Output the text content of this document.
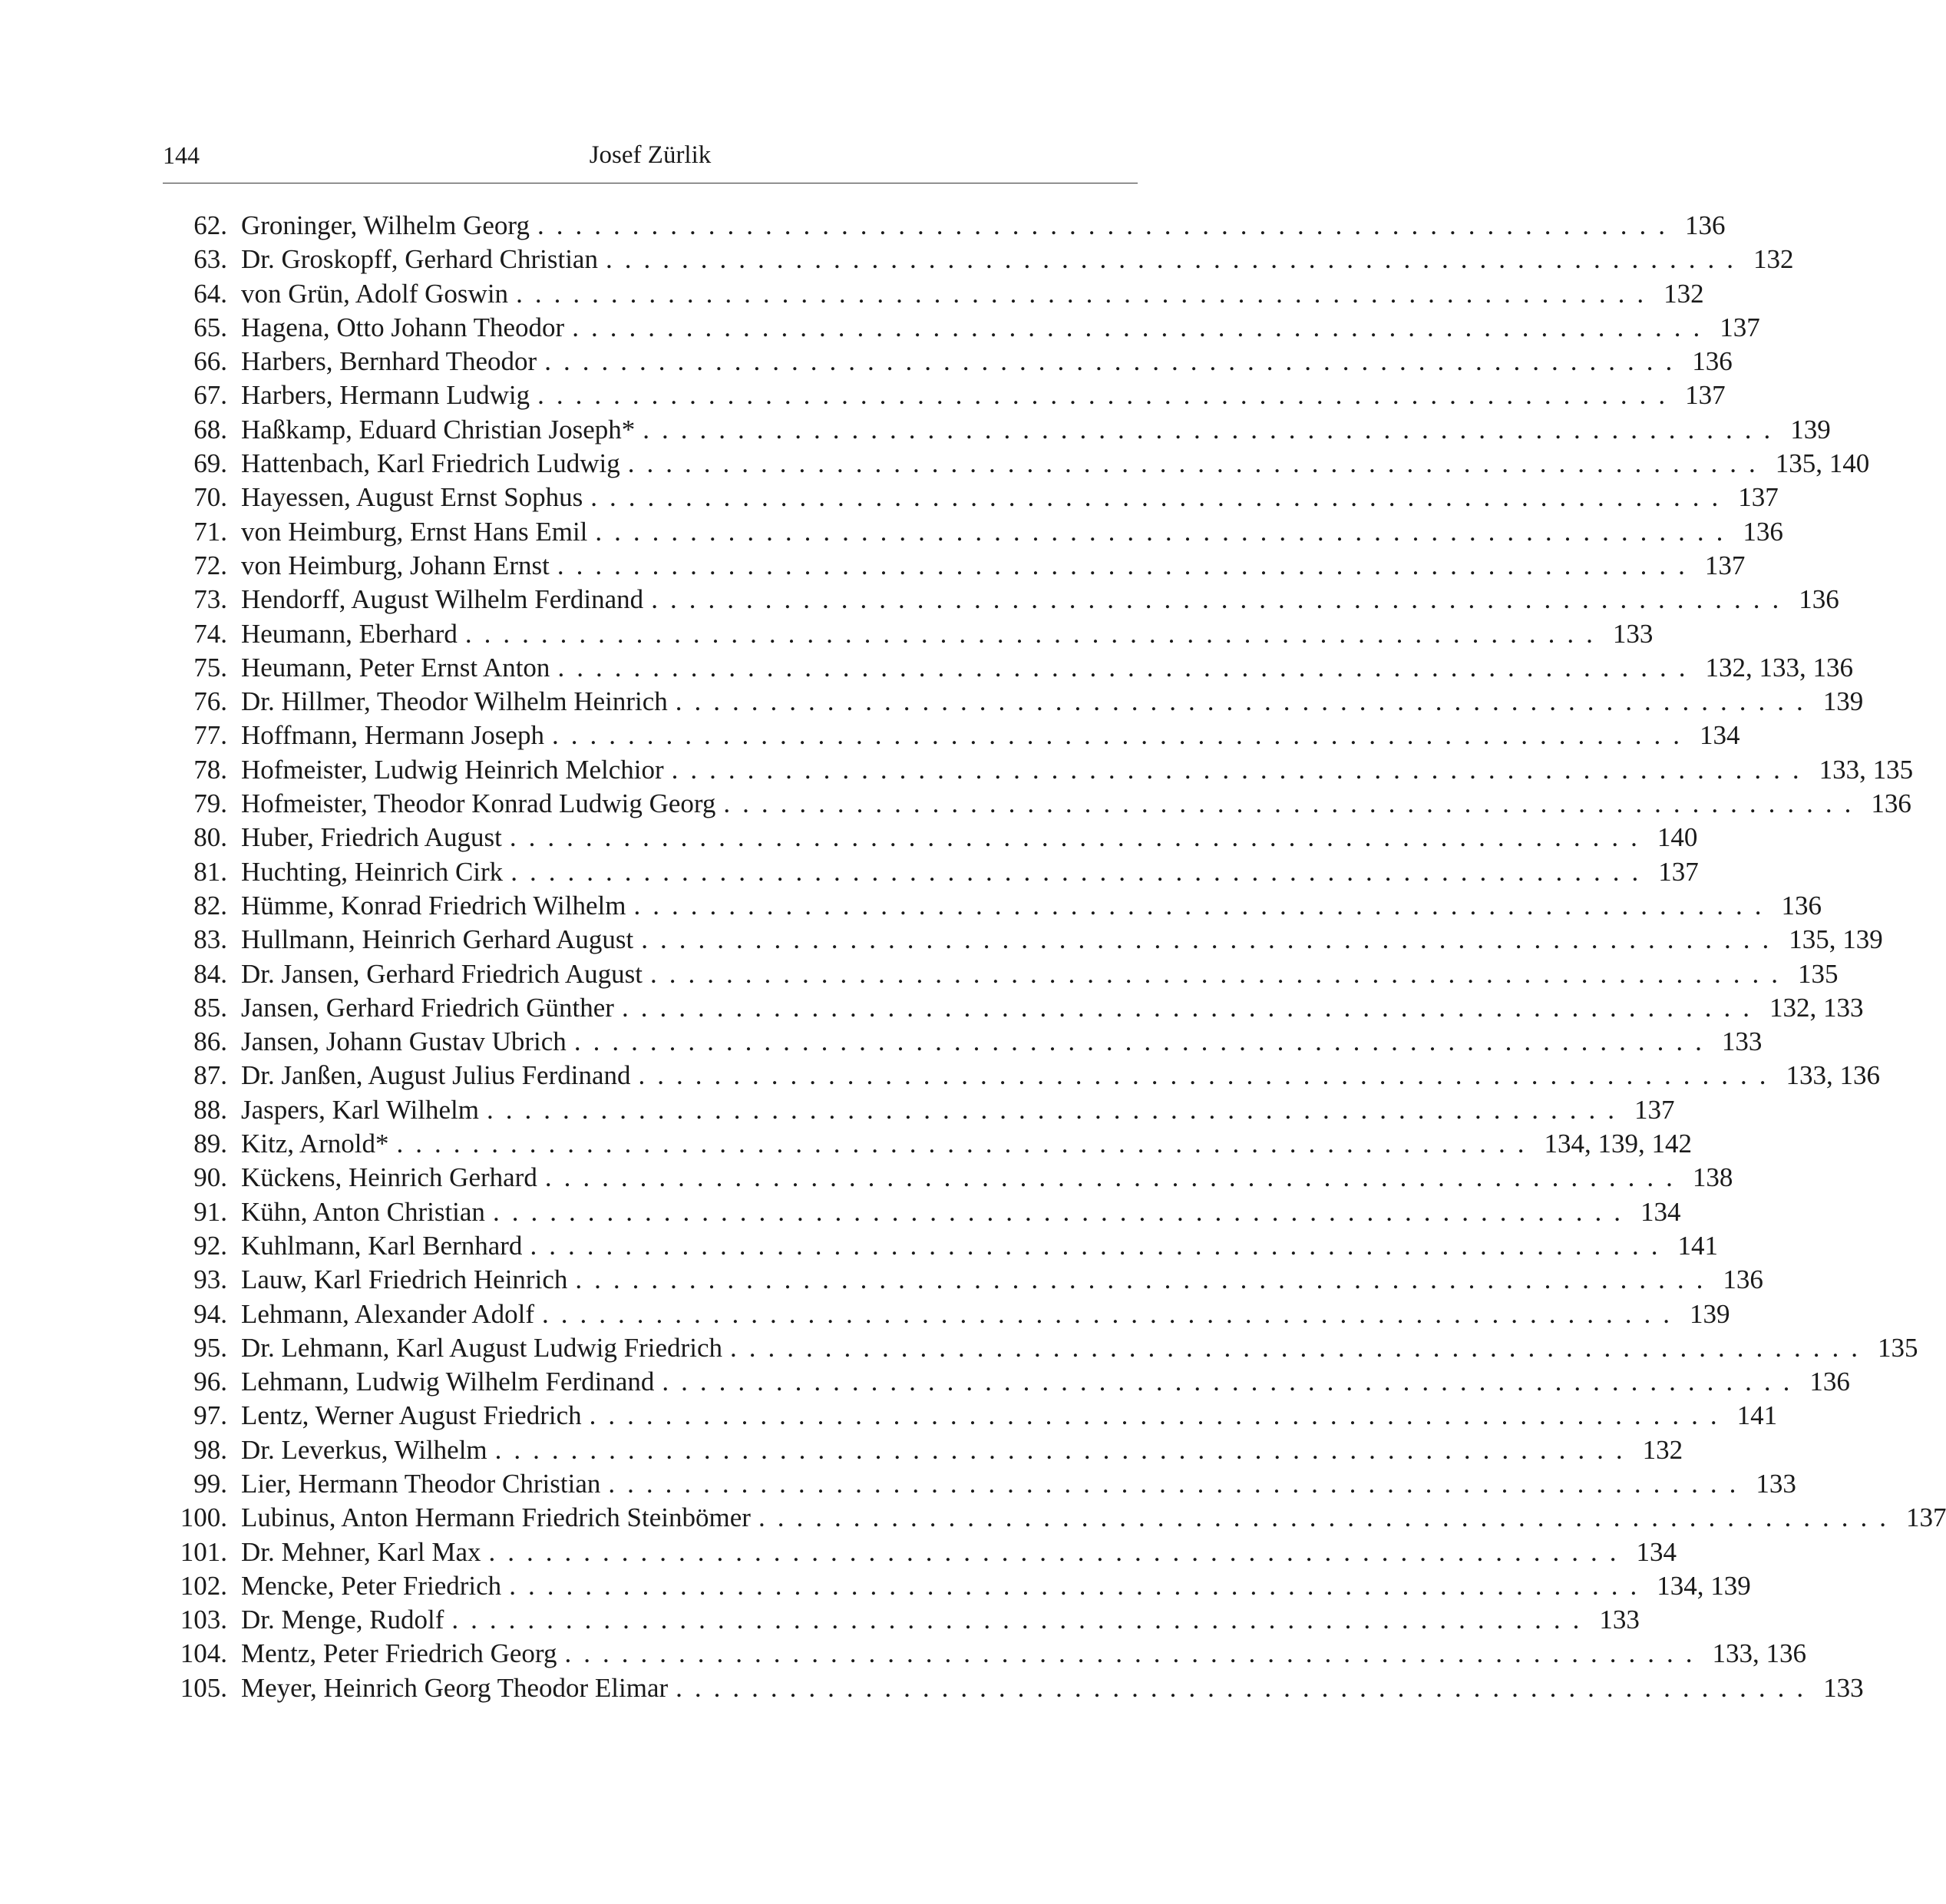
144	Josef Zürlik
62. Groninger, Wilhelm Georg ............................................................ 136
63. Dr. Groskopff, Gerhard Christian ............................................................ 132
64. von Grün, Adolf Goswin ............................................................ 132
65. Hagena, Otto Johann Theodor ............................................................ 137
66. Harbers, Bernhard Theodor ............................................................ 136
67. Harbers, Hermann Ludwig ............................................................ 137
68. Haßkamp, Eduard Christian Joseph* ............................................................ 139
69. Hattenbach, Karl Friedrich Ludwig ............................................................ 135, 140
70. Hayessen, August Ernst Sophus ............................................................ 137
71. von Heimburg, Ernst Hans Emil ............................................................ 136
72. von Heimburg, Johann Ernst ............................................................ 137
73. Hendorff, August Wilhelm Ferdinand ............................................................ 136
74. Heumann, Eberhard ............................................................ 133
75. Heumann, Peter Ernst Anton ............................................................ 132, 133, 136
76. Dr. Hillmer, Theodor Wilhelm Heinrich ............................................................ 139
77. Hoffmann, Hermann Joseph ............................................................ 134
78. Hofmeister, Ludwig Heinrich Melchior ............................................................ 133, 135
79. Hofmeister, Theodor Konrad Ludwig Georg ............................................................ 136
80. Huber, Friedrich August ............................................................ 140
81. Huchting, Heinrich Cirk ............................................................ 137
82. Hümme, Konrad Friedrich Wilhelm ............................................................ 136
83. Hullmann, Heinrich Gerhard August ............................................................ 135, 139
84. Dr. Jansen, Gerhard Friedrich August ............................................................ 135
85. Jansen, Gerhard Friedrich Günther ............................................................ 132, 133
86. Jansen, Johann Gustav Ubrich ............................................................ 133
87. Dr. Janßen, August Julius Ferdinand ............................................................ 133, 136
88. Jaspers, Karl Wilhelm ............................................................ 137
89. Kitz, Arnold* ............................................................ 134, 139, 142
90. Kückens, Heinrich Gerhard ............................................................ 138
91. Kühn, Anton Christian ............................................................ 134
92. Kuhlmann, Karl Bernhard ............................................................ 141
93. Lauw, Karl Friedrich Heinrich ............................................................ 136
94. Lehmann, Alexander Adolf ............................................................ 139
95. Dr. Lehmann, Karl August Ludwig Friedrich ............................................................ 135
96. Lehmann, Ludwig Wilhelm Ferdinand ............................................................ 136
97. Lentz, Werner August Friedrich ............................................................ 141
98. Dr. Leverkus, Wilhelm ............................................................ 132
99. Lier, Hermann Theodor Christian ............................................................ 133
100. Lubinus, Anton Hermann Friedrich Steinbömer ............................................................ 137
101. Dr. Mehner, Karl Max ............................................................ 134
102. Mencke, Peter Friedrich ............................................................ 134, 139
103. Dr. Menge, Rudolf ............................................................ 133
104. Mentz, Peter Friedrich Georg ............................................................ 133, 136
105. Meyer, Heinrich Georg Theodor Elimar ............................................................ 133
